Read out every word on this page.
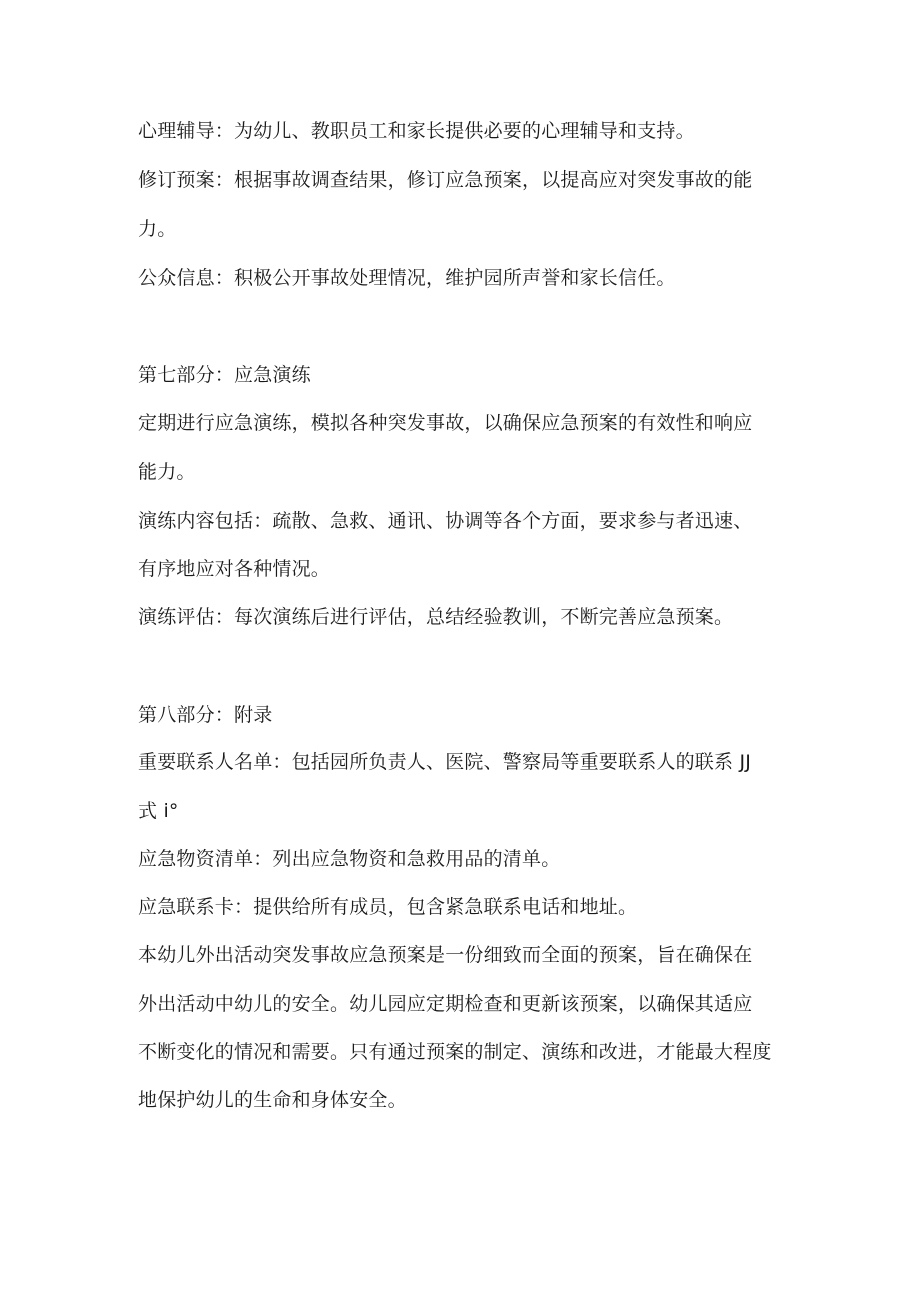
心理辅导：为幼儿、教职员工和家长提供必要的心理辅导和支持。

修订预案：根据事故调查结果，修订应急预案，以提高应对突发事故的能

力。

公众信息：积极公开事故处理情况，维护园所声誉和家长信任。

第七部分：应急演练

定期进行应急演练，模拟各种突发事故，以确保应急预案的有效性和响应

能力。

演练内容包括：疏散、急救、通讯、协调等各个方面，要求参与者迅速、

有序地应对各种情况。

演练评估：每次演练后进行评估，总结经验教训，不断完善应急预案。

第八部分：附录

重要联系人名单：包括园所负责人、医院、警察局等重要联系人的联系 JJ

式 i°

应急物资清单：列出应急物资和急救用品的清单。

应急联系卡：提供给所有成员，包含紧急联系电话和地址。

本幼儿外出活动突发事故应急预案是一份细致而全面的预案，旨在确保在

外出活动中幼儿的安全。幼儿园应定期检查和更新该预案，以确保其适应

不断变化的情况和需要。只有通过预案的制定、演练和改进，才能最大程度

地保护幼儿的生命和身体安全。
